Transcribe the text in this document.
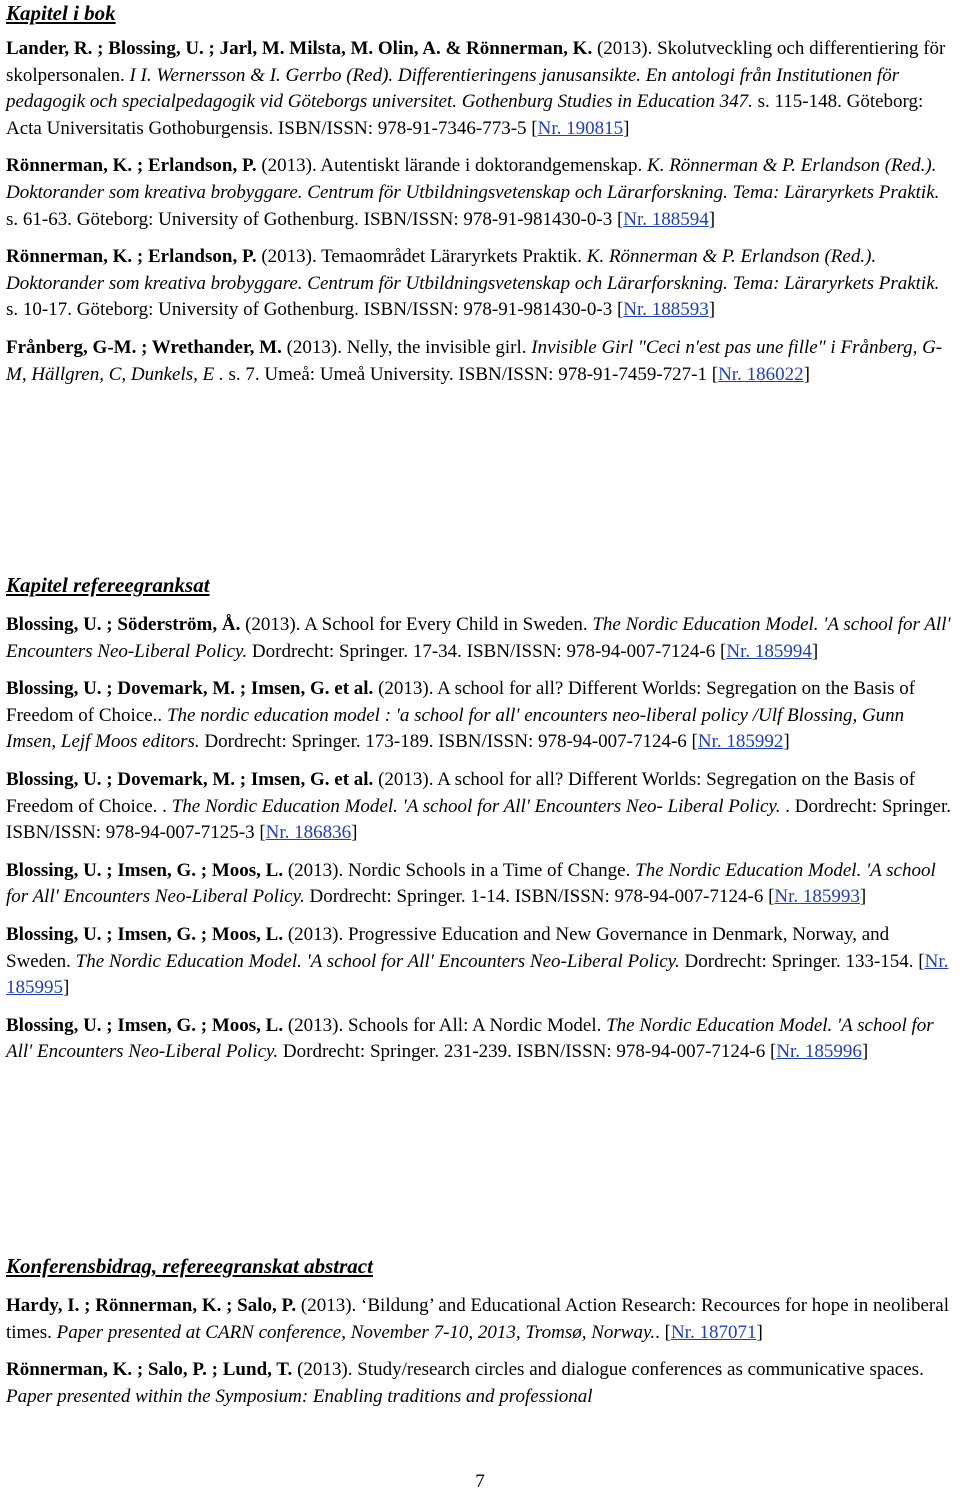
Kapitel i bok

Lander, R. ; Blossing, U. ; Jarl, M. Milsta, M. Olin, A. & Rönnerman, K. (2013). Skolutveckling och differentiering för skolpersonalen. I I. Wernersson & I. Gerrbo (Red). Differentieringens janusansikte. En antologi från Institutionen för pedagogik och specialpedagogik vid Göteborgs universitet. Gothenburg Studies in Education 347. s. 115-148. Göteborg: Acta Universitatis Gothoburgensis. ISBN/ISSN: 978-91-7346-773-5 [Nr. 190815]

Rönnerman, K. ; Erlandson, P. (2013). Autentiskt lärande i doktorandgemenskap. K. Rönnerman & P. Erlandson (Red.). Doktorander som kreativa brobyggare. Centrum för Utbildningsvetenskap och Lärarforskning. Tema: Läraryrkets Praktik. s. 61-63. Göteborg: University of Gothenburg. ISBN/ISSN: 978-91-981430-0-3 [Nr. 188594]

Rönnerman, K. ; Erlandson, P. (2013). Temaområdet Läraryrkets Praktik. K. Rönnerman & P. Erlandson (Red.). Doktorander som kreativa brobyggare. Centrum för Utbildningsvetenskap och Lärarforskning. Tema: Läraryrkets Praktik. s. 10-17. Göteborg: University of Gothenburg. ISBN/ISSN: 978-91-981430-0-3 [Nr. 188593]

Frånberg, G-M. ; Wrethander, M. (2013). Nelly, the invisible girl. Invisible Girl "Ceci n'est pas une fille" i Frånberg, G-M, Hällgren, C, Dunkels, E . s. 7. Umeå: Umeå University. ISBN/ISSN: 978-91-7459-727-1 [Nr. 186022]

Kapitel refereegranksat

Blossing, U. ; Söderström, Å. (2013). A School for Every Child in Sweden. The Nordic Education Model. 'A school for All' Encounters Neo-Liberal Policy. Dordrecht: Springer. 17-34. ISBN/ISSN: 978-94-007-7124-6 [Nr. 185994]

Blossing, U. ; Dovemark, M. ; Imsen, G. et al. (2013). A school for all? Different Worlds: Segregation on the Basis of Freedom of Choice.. The nordic education model : 'a school for all' encounters neo-liberal policy /Ulf Blossing, Gunn Imsen, Lejf Moos editors. Dordrecht: Springer. 173-189. ISBN/ISSN: 978-94-007-7124-6 [Nr. 185992]

Blossing, U. ; Dovemark, M. ; Imsen, G. et al. (2013). A school for all? Different Worlds: Segregation on the Basis of Freedom of Choice. . The Nordic Education Model. 'A school for All' Encounters Neo- Liberal Policy. . Dordrecht: Springer. ISBN/ISSN: 978-94-007-7125-3 [Nr. 186836]

Blossing, U. ; Imsen, G. ; Moos, L. (2013). Nordic Schools in a Time of Change. The Nordic Education Model. 'A school for All' Encounters Neo-Liberal Policy. Dordrecht: Springer. 1-14. ISBN/ISSN: 978-94-007-7124-6 [Nr. 185993]

Blossing, U. ; Imsen, G. ; Moos, L. (2013). Progressive Education and New Governance in Denmark, Norway, and Sweden. The Nordic Education Model. 'A school for All' Encounters Neo-Liberal Policy. Dordrecht: Springer. 133-154. [Nr. 185995]

Blossing, U. ; Imsen, G. ; Moos, L. (2013). Schools for All: A Nordic Model. The Nordic Education Model. 'A school for All' Encounters Neo-Liberal Policy. Dordrecht: Springer. 231-239. ISBN/ISSN: 978-94-007-7124-6 [Nr. 185996]

Konferensbidrag, refereegranskat abstract

Hardy, I. ; Rönnerman, K. ; Salo, P. (2013). ‘Bildung’ and Educational Action Research: Recources for hope in neoliberal times. Paper presented at CARN conference, November 7-10, 2013, Tromsø, Norway.. [Nr. 187071]

Rönnerman, K. ; Salo, P. ; Lund, T. (2013). Study/research circles and dialogue conferences as communicative spaces. Paper presented within the Symposium: Enabling traditions and professional

7
